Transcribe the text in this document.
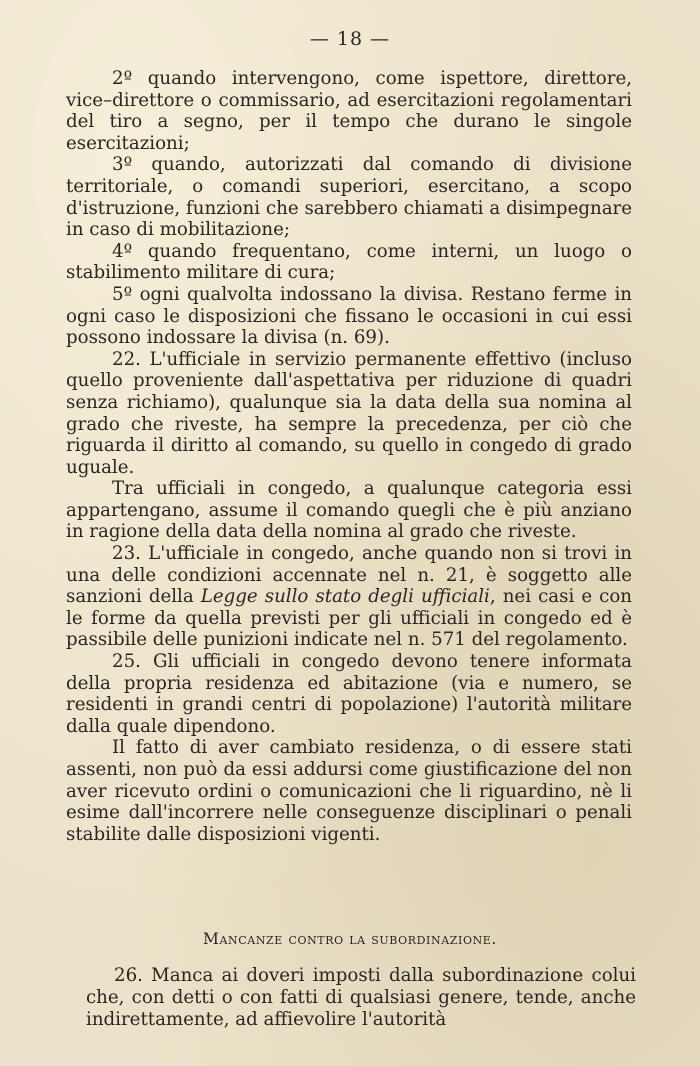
— 18 —

2º quando intervengono, come ispettore, direttore, vice–direttore o commissario, ad esercitazioni regolamentari del tiro a segno, per il tempo che durano le singole esercitazioni;

3º quando, autorizzati dal comando di divisione territoriale, o comandi superiori, esercitano, a scopo d'istruzione, funzioni che sarebbero chiamati a disimpegnare in caso di mobilitazione;

4º quando frequentano, come interni, un luogo o stabilimento militare di cura;

5º ogni qualvolta indossano la divisa. Restano ferme in ogni caso le disposizioni che fissano le occasioni in cui essi possono indossare la divisa (n. 69).

22. L'ufficiale in servizio permanente effettivo (incluso quello proveniente dall'aspettativa per riduzione di quadri senza richiamo), qualunque sia la data della sua nomina al grado che riveste, ha sempre la precedenza, per ciò che riguarda il diritto al comando, su quello in congedo di grado uguale.

Tra ufficiali in congedo, a qualunque categoria essi appartengano, assume il comando quegli che è più anziano in ragione della data della nomina al grado che riveste.

23. L'ufficiale in congedo, anche quando non si trovi in una delle condizioni accennate nel n. 21, è soggetto alle sanzioni della Legge sullo stato degli ufficiali, nei casi e con le forme da quella previsti per gli ufficiali in congedo ed è passibile delle punizioni indicate nel n. 571 del regolamento.

25. Gli ufficiali in congedo devono tenere informata della propria residenza ed abitazione (via e numero, se residenti in grandi centri di popolazione) l'autorità militare dalla quale dipendono.

Il fatto di aver cambiato residenza, o di essere stati assenti, non può da essi addursi come giustificazione del non aver ricevuto ordini o comunicazioni che li riguardino, nè li esime dall'incorrere nelle conseguenze disciplinari o penali stabilite dalle disposizioni vigenti.

Mancanze contro la subordinazione.

26. Manca ai doveri imposti dalla subordinazione colui che, con detti o con fatti di qualsiasi genere, tende, anche indirettamente, ad affievolire l'autorità
